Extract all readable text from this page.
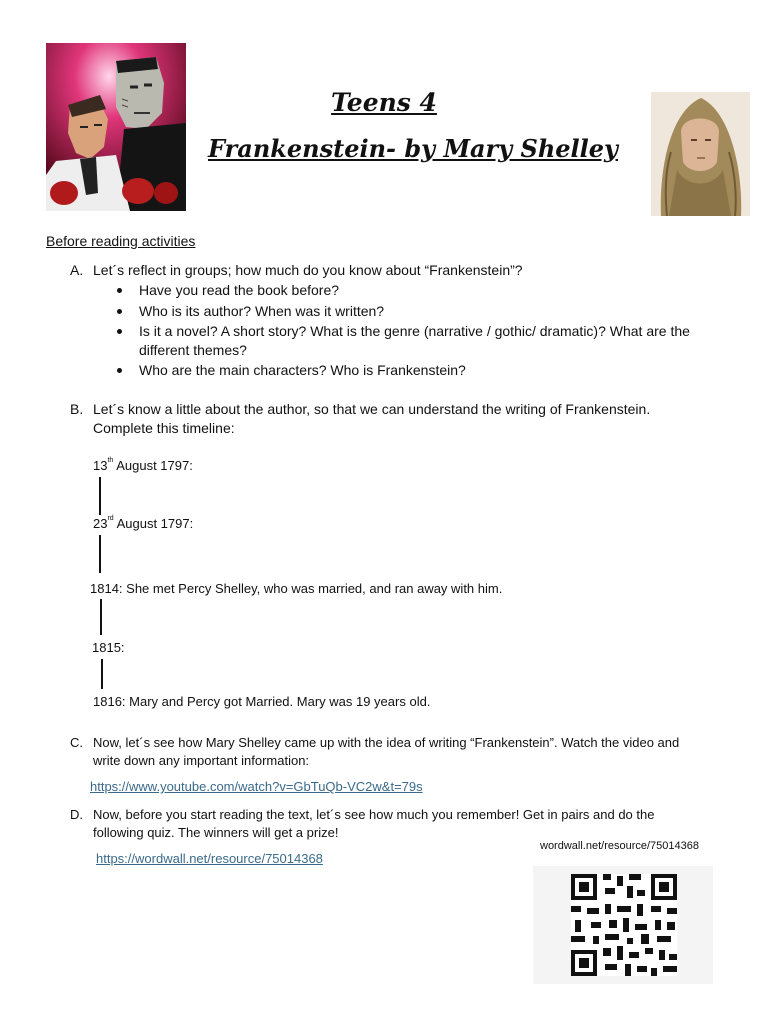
Teens 4
Frankenstein- by Mary Shelley
Before reading activities
A. Let´s reflect in groups; how much do you know about “Frankenstein”?
Have you read the book before?
Who is its author? When was it written?
Is it a novel? A short story? What is the genre (narrative / gothic/ dramatic)? What are the
different themes?
Who are the main characters? Who is Frankenstein?
B. Let´s know a little about the author, so that we can understand the writing of Frankenstein.
Complete this timeline:
13th August 1797:
23rd August 1797:
1814: She met Percy Shelley, who was married, and ran away with him.
1815:
1816: Mary and Percy got Married. Mary was 19 years old.
C. Now, let´s see how Mary Shelley came up with the idea of writing “Frankenstein”. Watch the video and
write down any important information:
https://www.youtube.com/watch?v=GbTuQb-VC2w&t=79s
D. Now, before you start reading the text, let´s see how much you remember! Get in pairs and do the
following quiz. The winners will get a prize!
https://wordwall.net/resource/75014368
wordwall.net/resource/75014368
